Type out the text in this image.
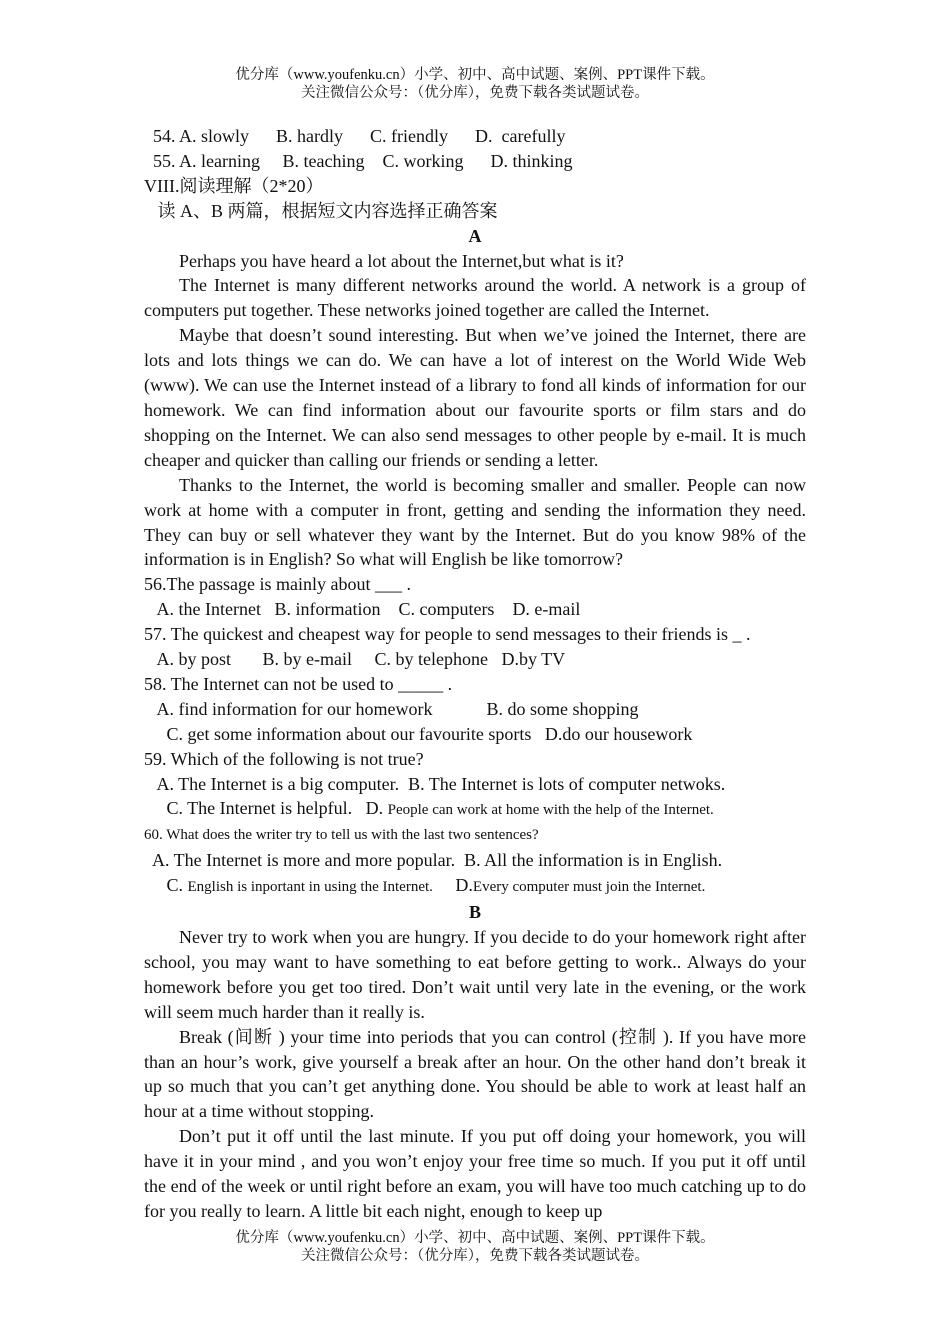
优分库（www.youfenku.cn）小学、初中、高中试题、案例、PPT课件下载。
关注微信公众号：（优分库），免费下载各类试题试卷。
54. A. slowly      B. hardly      C. friendly      D.  carefully
55. A. learning     B. teaching    C. working      D. thinking
VIII.阅读理解（2*20）
读 A、B 两篇，根据短文内容选择正确答案
A
Perhaps you have heard a lot about the Internet,but what is it?
The Internet is many different networks around the world. A network is a group of computers put together. These networks joined together are called the Internet.
Maybe that doesn’t sound interesting. But when we’ve joined the Internet, there are lots and lots things we can do. We can have a lot of interest on the World Wide Web (www). We can use the Internet instead of a library to fond all kinds of information for our homework. We can find information about our favourite sports or film stars and do shopping on the Internet. We can also send messages to other people by e-mail. It is much cheaper and quicker than calling our friends or sending a letter.
Thanks to the Internet, the world is becoming smaller and smaller. People can now work at home with a computer in front, getting and sending the information they need. They can buy or sell whatever they want by the Internet. But do you know 98% of the information is in English? So what will English be like tomorrow?
56.The passage is mainly about ___ .
A. the Internet   B. information    C. computers    D. e-mail
57. The quickest and cheapest way for people to send messages to their friends is _ .
A. by post       B. by e-mail     C. by telephone   D.by TV
58. The Internet can not be used to _____ .
A. find information for our homework            B. do some shopping
C. get some information about our favourite sports   D.do our housework
59. Which of the following is not true?
A. The Internet is a big computer.  B. The Internet is lots of computer netwoks.
C. The Internet is helpful.   D. People can work at home with the help of the Internet.
60. What does the writer try to tell us with the last two sentences?
A. The Internet is more and more popular.  B. All the information is in English.
C. English is inportant in using the Internet.     D.Every computer must join the Internet.
B
Never try to work when you are hungry. If you decide to do your homework right after school, you may want to have something to eat before getting to work.. Always do your homework before you get too tired. Don’t wait until very late in the evening, or the work will seem much harder than it really is.
Break (间断 ) your time into periods that you can control (控制 ). If you have more than an hour’s work, give yourself a break after an hour. On the other hand don’t break it up so much that you can’t get anything done. You should be able to work at least half an hour at a time without stopping.
Don’t put it off until the last minute. If you put off doing your homework, you will have it in your mind , and you won’t enjoy your free time so much. If you put it off until the end of the week or until right before an exam, you will have too much catching up to do for you really to learn. A little bit each night, enough to keep up
优分库（www.youfenku.cn）小学、初中、高中试题、案例、PPT课件下载。
关注微信公众号：（优分库），免费下载各类试题试卷。
